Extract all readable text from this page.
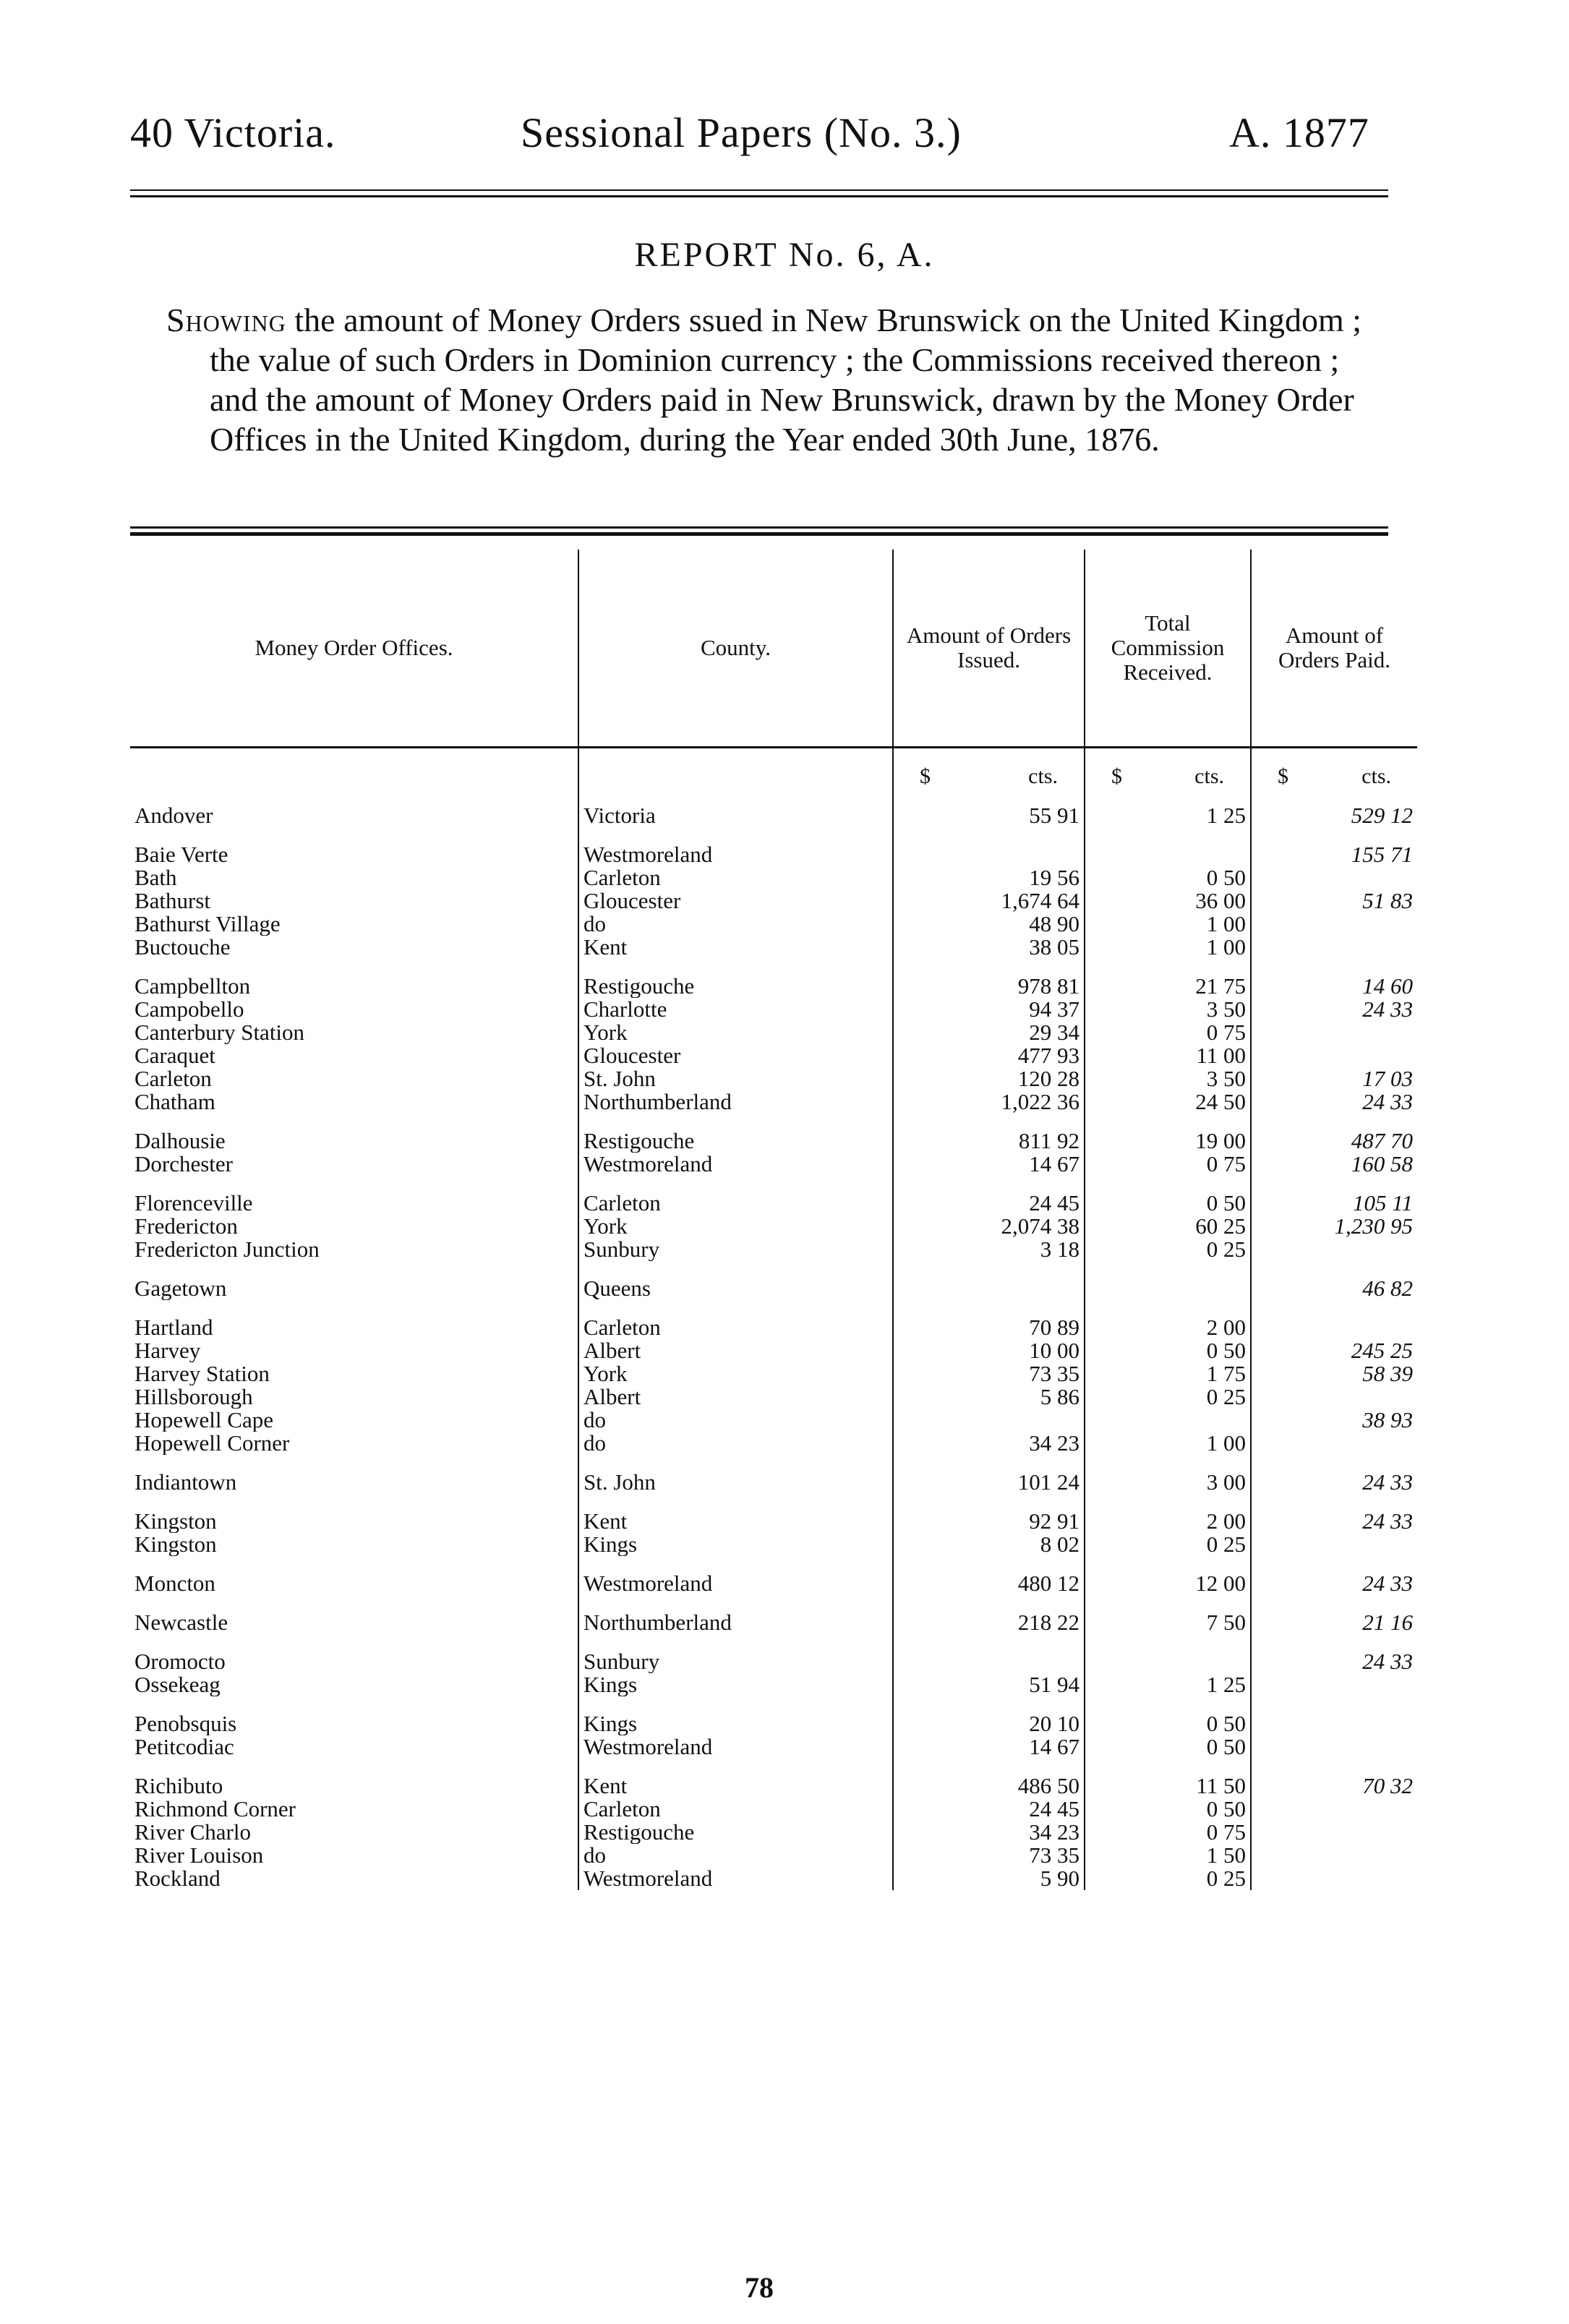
40 Victoria.	Sessional Papers (No. 3.)	A. 1877
REPORT No. 6, A.

Showing the amount of Money Orders ssued in New Brunswick on the United Kingdom ; the value of such Orders in Dominion currency ; the Commissions received thereon ; and the amount of Money Orders paid in New Brunswick, drawn by the Money Order Offices in the United Kingdom, during the Year ended 30th June, 1876.

Money Order Offices.	County.	Amount of Orders Issued.	Total Commission Received.	Amount of Orders Paid.

		$ cts.	$ cts.	$ cts.

Andover	Victoria	55 91	1 25	529 12

Baie Verte	Westmoreland			155 71
Bath	Carleton	19 56	0 50	
Bathurst	Gloucester	1,674 64	36 00	51 83
Bathurst Village	do	48 90	1 00	
Buctouche	Kent	38 05	1 00	

Campbellton	Restigouche	978 81	21 75	14 60
Campobello	Charlotte	94 37	3 50	24 33
Canterbury Station	York	29 34	0 75	
Caraquet	Gloucester	477 93	11 00	
Carleton	St. John	120 28	3 50	17 03
Chatham	Northumberland	1,022 36	24 50	24 33

Dalhousie	Restigouche	811 92	19 00	487 70
Dorchester	Westmoreland	14 67	0 75	160 58

Florenceville	Carleton	24 45	0 50	105 11
Fredericton	York	2,074 38	60 25	1,230 95
Fredericton Junction	Sunbury	3 18	0 25	

Gagetown	Queens			46 82

Hartland	Carleton	70 89	2 00	
Harvey	Albert	10 00	0 50	245 25
Harvey Station	York	73 35	1 75	58 39
Hillsborough	Albert	5 86	0 25	
Hopewell Cape	do			38 93
Hopewell Corner	do	34 23	1 00	

Indiantown	St. John	101 24	3 00	24 33

Kingston	Kent	92 91	2 00	24 33
Kingston	Kings	8 02	0 25	

Moncton	Westmoreland	480 12	12 00	24 33

Newcastle	Northumberland	218 22	7 50	21 16

Oromocto	Sunbury			24 33
Ossekeag	Kings	51 94	1 25	

Penobsquis	Kings	20 10	0 50	
Petitcodiac	Westmoreland	14 67	0 50	

Richibuto	Kent	486 50	11 50	70 32
Richmond Corner	Carleton	24 45	0 50	
River Charlo	Restigouche	34 23	0 75	
River Louison	do	73 35	1 50	
Rockland	Westmoreland	5 90	0 25	
78
